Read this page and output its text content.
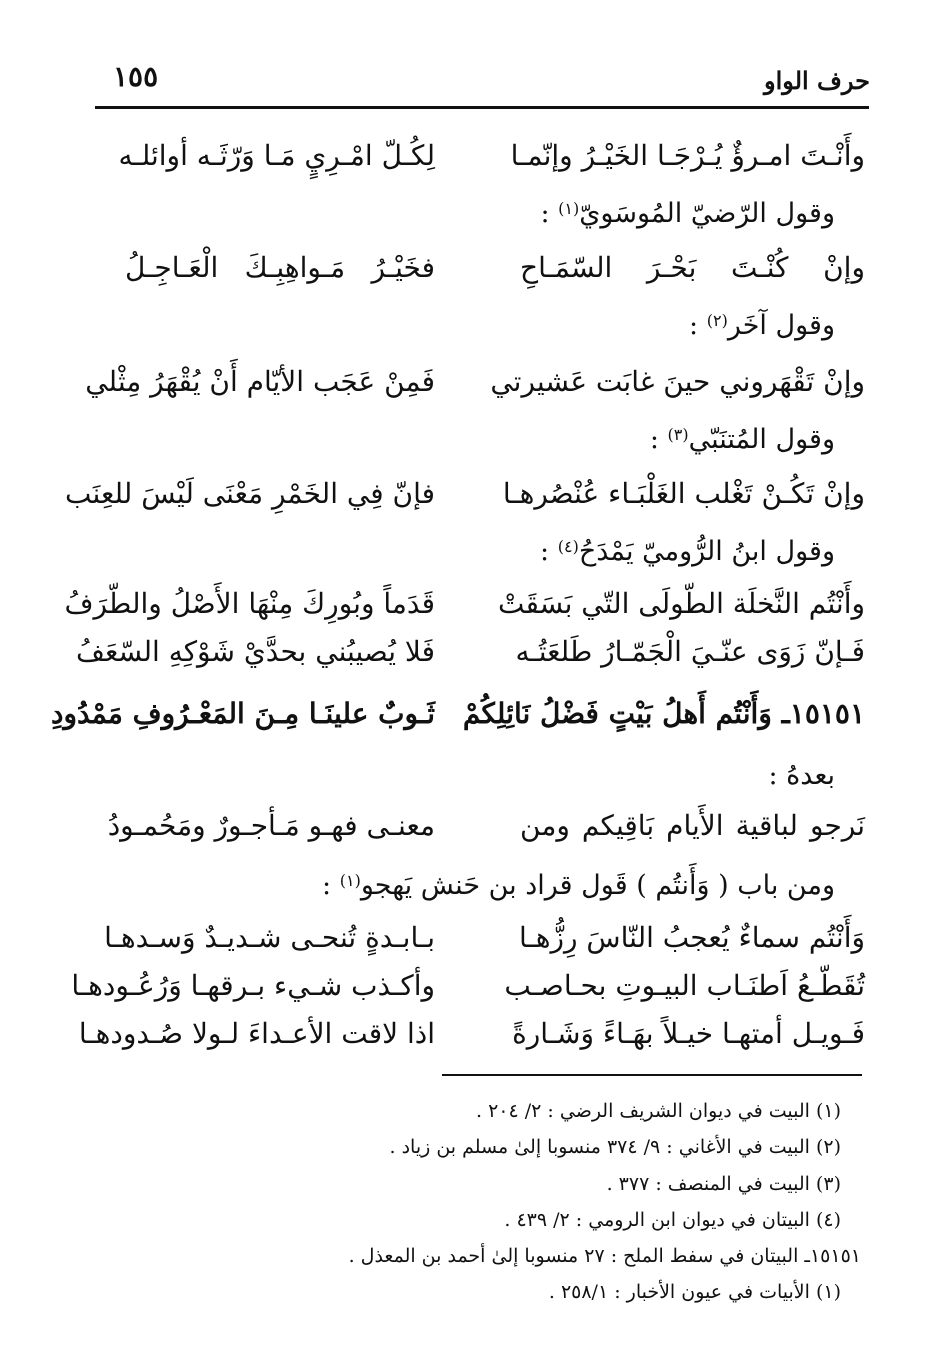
حرف الواو
١٥٥
وأَنْـتَ امـرؤٌ يُـرْجَـا الخَيْـرُ وإنّمـا
لِكُـلّ امْـرِيٍ مَـا وَرّثَـه أوائلـه
وقول الرّضيّ المُوسَويّ$^{(١)}$ :
وإنْ كُنْـتَ بَحْـرَ السّمَـاحِ
فخَيْـرُ مَـواهِبِـكَ الْعَـاجِـلُ
وقول آخَر$^{(٢)}$ :
وإنْ تَقْهَروني حينَ غابَت عَشيرتي
فَمِنْ عَجَب الأيّام أَنْ يُقْهَرُ مِثْلي
وقول المُتنَبّي$^{(٣)}$ :
وإنْ تَكُـنْ تَغْلب الغَلْبَـاء عُنْصُرهـا
فإنّ فِي الخَمْرِ مَعْنَى لَيْسَ للعِنَب
وقول ابنُ الرُّوميّ يَمْدَحُ$^{(٤)}$ :
وأَنْتُم النَّخلَة الطّولَى التّي بَسَقَتْ
قَدَماً وبُورِكَ مِنْهَا الأَصْلُ والطّرَفُ
فَـإنّ زَوَى عنّـيَ الْجَمّـارُ طَلعَتُـه
فَلا يُصيبُني بحدَّيْ شَوْكِهِ السّعَفُ
١٥١٥١ـ وَأَنْتُم أَهلُ بَيْتٍ فَضْلُ نَائِلِكُمْ
ثَـوبٌ علينَـا مِـنَ المَعْـرُوفِ مَمْدُودِ
بعدهُ :
نَرجو لباقية الأَيام بَاقِيكم ومن
معنـى فهـو مَـأجـورٌ ومَحُمـودُ
ومن باب ( وَأَنتُم ) قَول قراد بن حَنش يَهجو$^{(١)}$ :
وَأَنْتُم سماءٌ يُعجبُ النّاسَ رِزُّهـا
بـابـدةٍ تُنحـى شـديـدٌ وَسـدهـا
تُقَطّـعُ اَطنَـاب البيـوتِ بحـاصـب
وأكـذب شـيء بـرقهـا وَرُعُـودهـا
فَـويـل أمتهـا خيـلاً بهَـاءً وَشَـارةً
اذا لاقت الأعـداءَ لـولا صُـدودهـا
(١) البيت في ديوان الشريف الرضي : ٢/ ٢٠٤ .
(٢) البيت في الأغاني : ٩/ ٣٧٤ منسوبا إلىٰ مسلم بن زياد .
(٣) البيت في المنصف : ٣٧٧ .
(٤) البيتان في ديوان ابن الرومي : ٢/ ٤٣٩ .
١٥١٥١ـ البيتان في سفط الملح : ٢٧ منسوبا إلىٰ أحمد بن المعذل .
(١) الأبيات في عيون الأخبار : ٢٥٨/١ .
